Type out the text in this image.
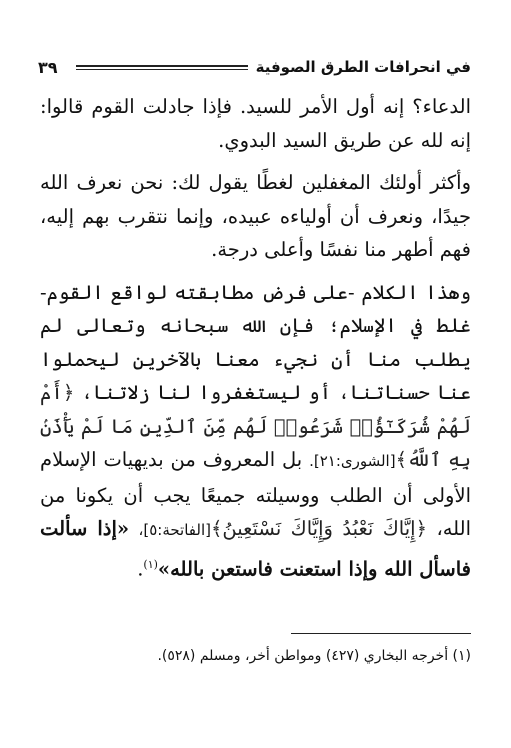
٣٩	في انحرافات الطرق الصوفية

الدعاء؟ إنه أول الأمر للسيد. فإذا جادلت القوم قالوا: إنه لله عن طريق السيد البدوي.

وأكثر أولئك المغفلين لغطًا يقول لك: نحن نعرف الله جيدًا، ونعرف أن أولياءه عبيده، وإنما نتقرب بهم إليه، فهم أطهر منا نفسًا وأعلى درجة.

وهذا الكلام -على فرض مطابقته لواقع القوم- غلط في الإسلام؛ فإن الله سبحانه وتعالى لم يطلب منا أن نجيء معنا بالآخرين ليحملوا عنا حسناتنا، أو ليستغفروا لنا زلاتنا، ﴿أَمْ لَهُمْ شُرَكَـٰٓؤُا۟ شَرَعُوا۟ لَهُم مِّنَ ٱلدِّينِ مَا لَمْ يَأْذَنۢ بِهِ ٱللَّهُ﴾[الشورى:٢١]. بل المعروف من بديهيات الإسلام الأولى أن الطلب ووسيلته جميعًا يجب أن يكونا من الله، ﴿إِيَّاكَ نَعْبُدُ وَإِيَّاكَ نَسْتَعِينُ﴾[الفاتحة:٥]، «إذا سألت فاسأل الله وإذا استعنت فاستعن بالله»$^{(١)}$.

(١) أخرجه البخاري (٤٢٧) ومواطن أخر، ومسلم (٥٢٨).
